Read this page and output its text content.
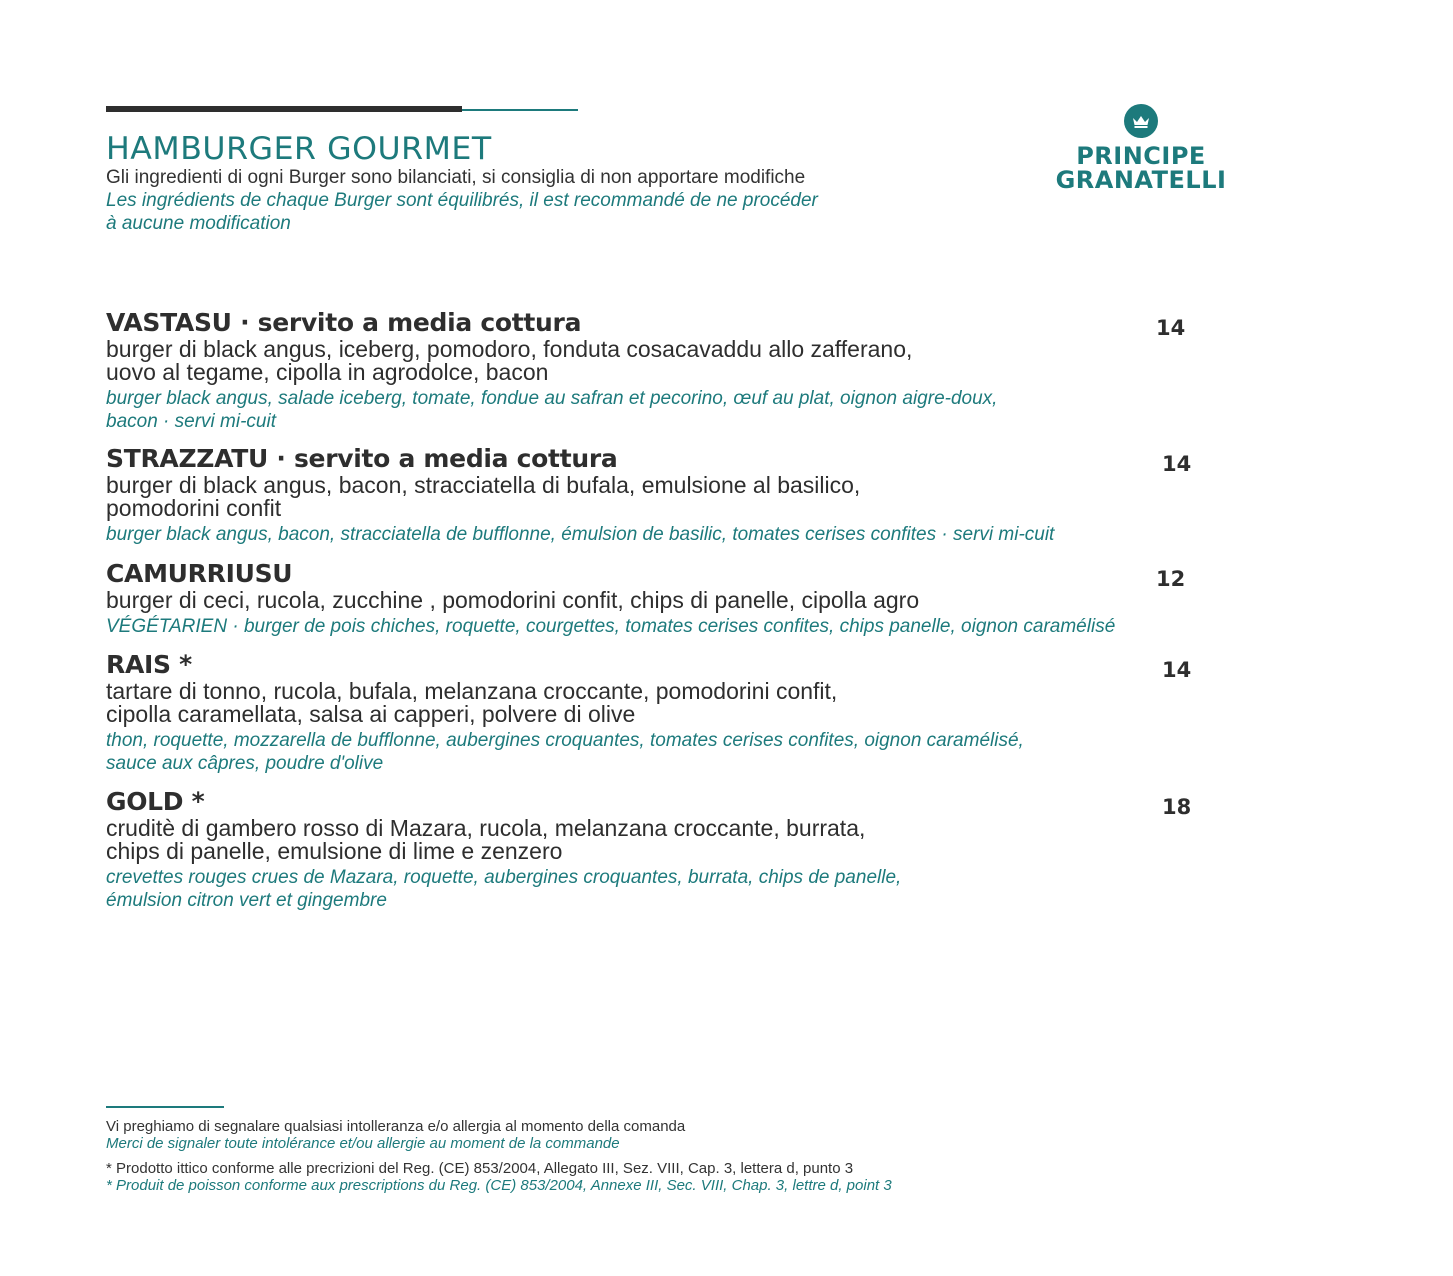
HAMBURGER GOURMET

Gli ingredienti di ogni Burger sono bilanciati, si consiglia di non apportare modifiche

Les ingrédients de chaque Burger sont équilibrés, il est recommandé de ne procéder

à aucune modification

PRINCIPE
GRANATELLI

VASTASU · servito a media cottura	14

burger di black angus, iceberg, pomodoro, fonduta cosacavaddu allo zafferano,

uovo al tegame, cipolla in agrodolce, bacon

burger black angus, salade iceberg, tomate, fondue au safran et pecorino, œuf au plat, oignon aigre-doux,

bacon · servi mi-cuit

STRAZZATU · servito a media cottura	14

burger di black angus, bacon, stracciatella di bufala, emulsione al basilico,

pomodorini confit

burger black angus, bacon, stracciatella de bufflonne, émulsion de basilic, tomates cerises confites · servi mi-cuit

CAMURRIUSU	12

burger di ceci, rucola, zucchine , pomodorini confit, chips di panelle, cipolla agro

VÉGÉTARIEN · burger de pois chiches, roquette, courgettes, tomates cerises confites, chips panelle, oignon caramélisé

RAIS *	14

tartare di tonno, rucola, bufala, melanzana croccante, pomodorini confit,

cipolla caramellata, salsa ai capperi, polvere di olive

thon, roquette, mozzarella de bufflonne, aubergines croquantes, tomates cerises confites, oignon caramélisé,

sauce aux câpres, poudre d'olive

GOLD *	18

cruditè di gambero rosso di Mazara, rucola, melanzana croccante, burrata,

chips di panelle, emulsione di lime e zenzero

crevettes rouges crues de Mazara, roquette, aubergines croquantes, burrata, chips de panelle,

émulsion citron vert et gingembre

Vi preghiamo di segnalare qualsiasi intolleranza e/o allergia al momento della comanda

Merci de signaler toute intolérance et/ou allergie au moment de la commande

* Prodotto ittico conforme alle precrizioni del Reg. (CE) 853/2004, Allegato III, Sez. VIII, Cap. 3, lettera d, punto 3

* Produit de poisson conforme aux prescriptions du Reg. (CE) 853/2004, Annexe III, Sec. VIII, Chap. 3, lettre d, point 3
